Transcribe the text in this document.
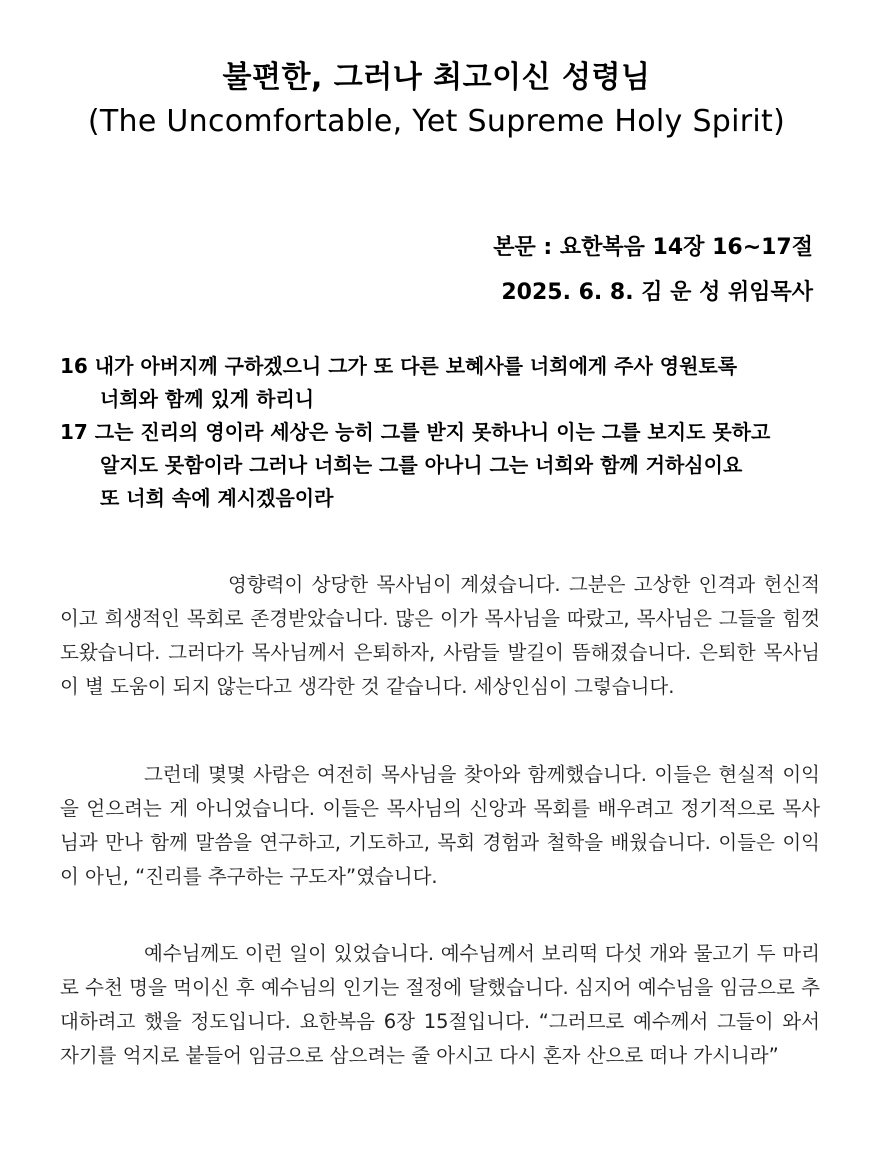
불편한, 그러나 최고이신 성령님
(The Uncomfortable, Yet Supreme Holy Spirit)
본문 : 요한복음 14장 16~17절
2025. 6. 8. 김 운 성 위임목사
16 내가 아버지께 구하겠으니 그가 또 다른 보혜사를 너희에게 주사 영원토록
너희와 함께 있게 하리니
17 그는 진리의 영이라 세상은 능히 그를 받지 못하나니 이는 그를 보지도 못하고
알지도 못함이라 그러나 너희는 그를 아나니 그는 너희와 함께 거하심이요
또 너희 속에 계시겠음이라
영향력이 상당한 목사님이 계셨습니다. 그분은 고상한 인격과 헌신적이고 희생적인 목회로 존경받았습니다. 많은 이가 목사님을 따랐고, 목사님은 그들을 힘껏 도왔습니다. 그러다가 목사님께서 은퇴하자, 사람들 발길이 뜸해졌습니다. 은퇴한 목사님이 별 도움이 되지 않는다고 생각한 것 같습니다. 세상인심이 그렇습니다.
그런데 몇몇 사람은 여전히 목사님을 찾아와 함께했습니다. 이들은 현실적 이익을 얻으려는 게 아니었습니다. 이들은 목사님의 신앙과 목회를 배우려고 정기적으로 목사님과 만나 함께 말씀을 연구하고, 기도하고, 목회 경험과 철학을 배웠습니다. 이들은 이익이 아닌, “진리를 추구하는 구도자”였습니다.
예수님께도 이런 일이 있었습니다. 예수님께서 보리떡 다섯 개와 물고기 두 마리로 수천 명을 먹이신 후 예수님의 인기는 절정에 달했습니다. 심지어 예수님을 임금으로 추대하려고 했을 정도입니다. 요한복음 6장 15절입니다. “그러므로 예수께서 그들이 와서 자기를 억지로 붙들어 임금으로 삼으려는 줄 아시고 다시 혼자 산으로 떠나 가시니라”
